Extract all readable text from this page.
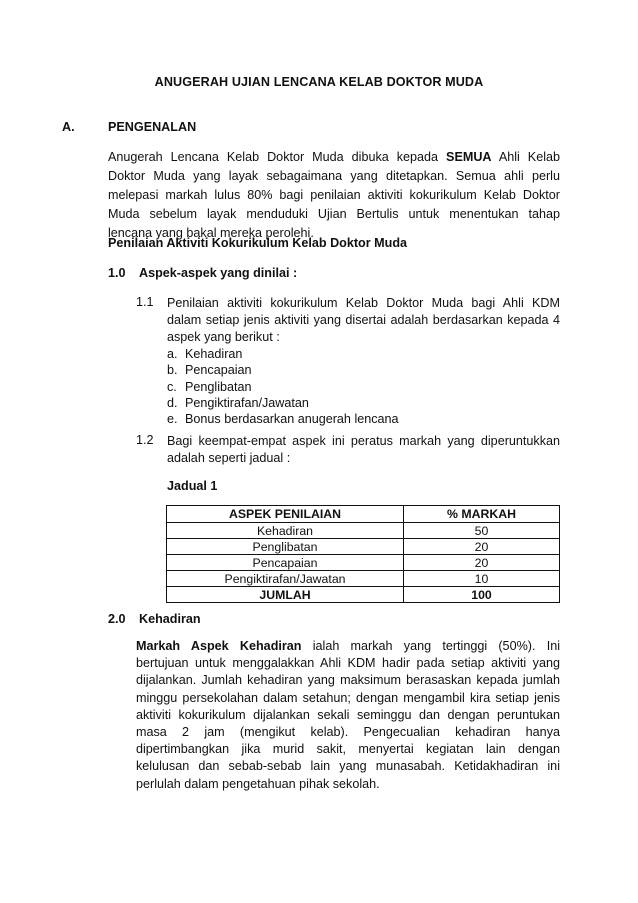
ANUGERAH UJIAN LENCANA KELAB DOKTOR MUDA
A.	PENGENALAN
Anugerah Lencana Kelab Doktor Muda dibuka kepada SEMUA Ahli Kelab
Doktor Muda yang layak sebagaimana yang ditetapkan. Semua ahli perlu
melepasi markah lulus 80% bagi penilaian aktiviti kokurikulum Kelab Doktor
Muda sebelum layak menduduki Ujian Bertulis untuk menentukan tahap
lencana yang bakal mereka perolehi.
Penilaian Aktiviti Kokurikulum Kelab Doktor Muda
1.0 Aspek-aspek yang dinilai :
1.1 Penilaian aktiviti kokurikulum Kelab Doktor Muda bagi Ahli KDM
dalam setiap jenis aktiviti yang disertai adalah berdasarkan kepada 4
aspek yang berikut :
a. Kehadiran
b. Pencapaian
c. Penglibatan
d. Pengiktirafan/Jawatan
e. Bonus berdasarkan anugerah lencana
1.2 Bagi keempat-empat aspek ini peratus markah yang diperuntukkan
adalah seperti jadual :
Jadual 1
ASPEK PENILAIAN	% MARKAH
Kehadiran	50
Penglibatan	20
Pencapaian	20
Pengiktirafan/Jawatan	10
JUMLAH	100
2.0 Kehadiran
Markah Aspek Kehadiran ialah markah yang tertinggi (50%). Ini
bertujuan untuk menggalakkan Ahli KDM hadir pada setiap aktiviti yang
dijalankan. Jumlah kehadiran yang maksimum berasaskan kepada jumlah
minggu persekolahan dalam setahun; dengan mengambil kira setiap jenis
aktiviti kokurikulum dijalankan sekali seminggu dan dengan peruntukan
masa 2 jam (mengikut kelab). Pengecualian kehadiran hanya
dipertimbangkan jika murid sakit, menyertai kegiatan lain dengan
kelulusan dan sebab-sebab lain yang munasabah. Ketidakhadiran ini
perlulah dalam pengetahuan pihak sekolah.
